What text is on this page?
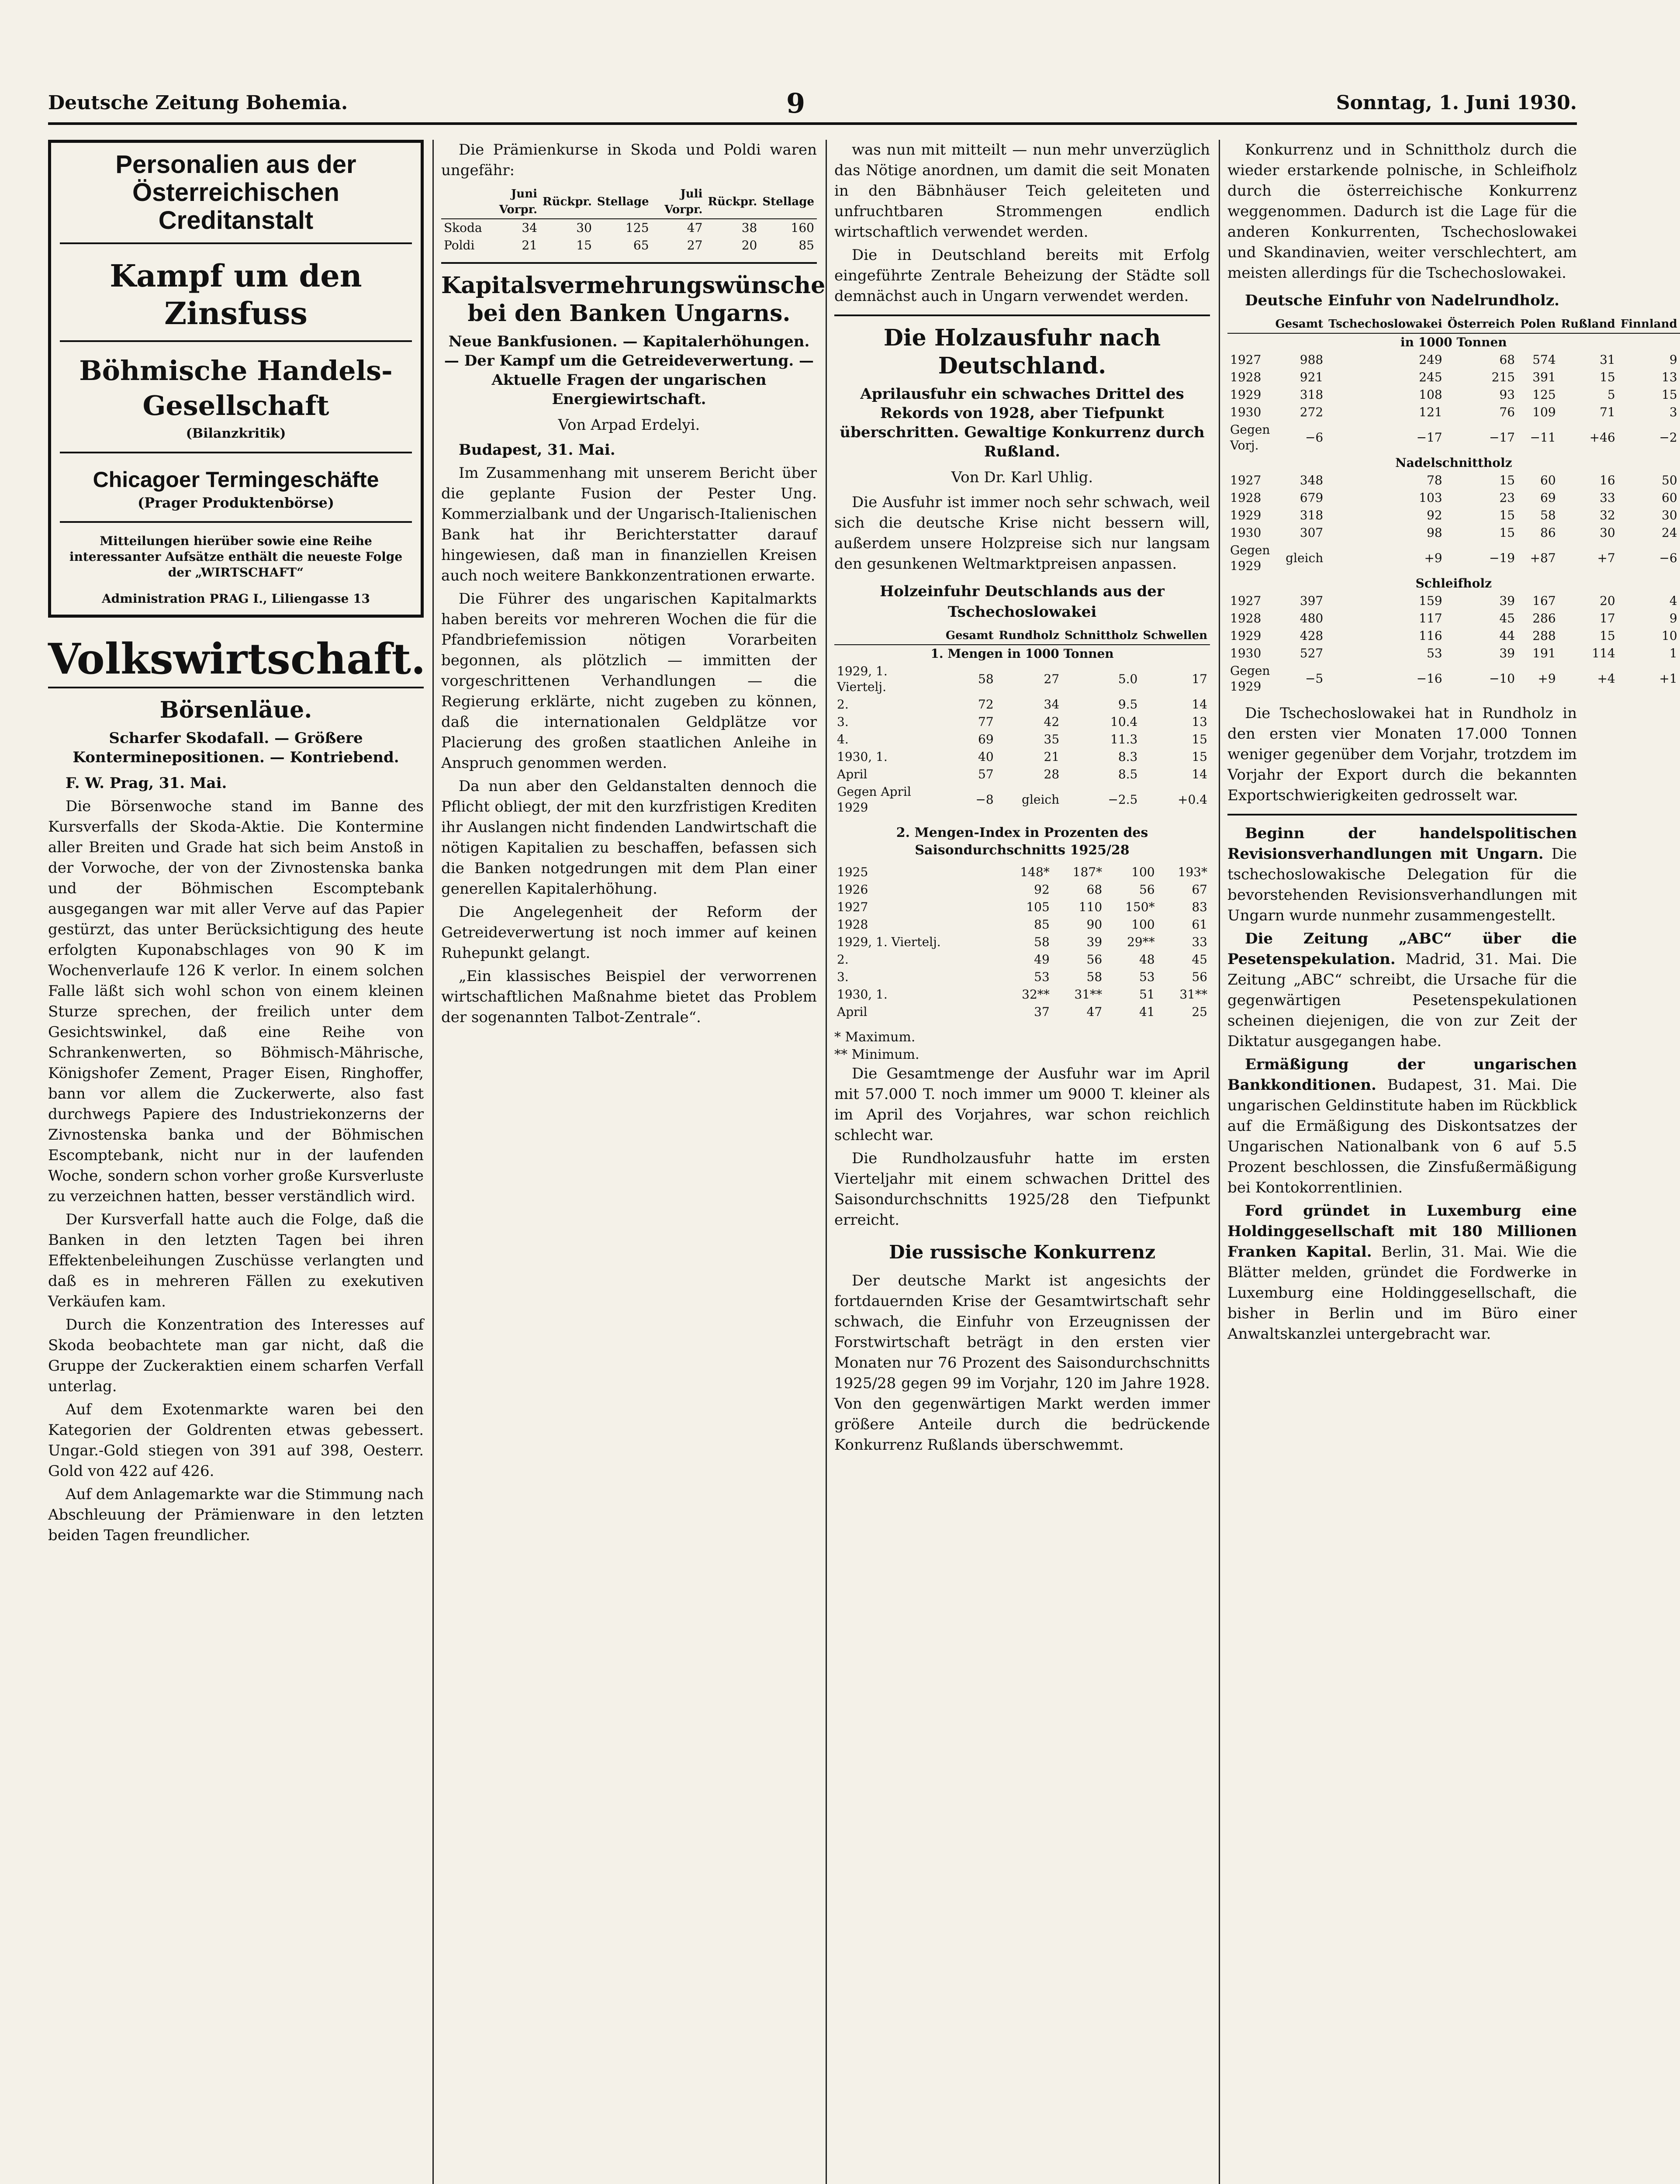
Deutsche Zeitung Bohemia.	9	Sonntag, 1. Juni 1930.
Personalien aus der Österreichischen Creditanstalt
Kampf um den Zinsfuss
Böhmische Handels-Gesellschaft
(Bilanzkritik)
Chicagoer Termingeschäfte
(Prager Produktenbörse)
Mitteilungen hierüber sowie eine Reihe interessanter Aufsätze enthält die neueste Folge der „WIRTSCHAFT“
Administration PRAG I., Liliengasse 13
Volkswirtschaft.
Börsenläue.
Scharfer Skodafall. — Größere Konterminepositionen. — Kontriebend.

F. W. Prag, 31. Mai.

Die Börsenwoche stand im Banne des Kursverfalls der Skoda-Aktie. Die Kontermine aller Breiten und Grade hat sich beim Anstoß in der Vorwoche, der von der Zivnostenska banka und der Böhmischen Escomptebank ausgegangen war mit aller Verve auf das Papier gestürzt, das unter Berücksichtigung des heute erfolgten Kuponabschlages von 90 K im Wochenverlaufe 126 K verlor. In einem solchen Falle läßt sich wohl schon von einem kleinen Sturze sprechen, der freilich unter dem Gesichtswinkel, daß eine Reihe von Schrankenwerten, so Böhmisch-Mährische, Königshofer Zement, Prager Eisen, Ringhoffer, bann vor allem die Zuckerwerte, also fast durchwegs Papiere des Industriekonzerns der Zivnostenska banka und der Böhmischen Escomptebank, nicht nur in der laufenden Woche, sondern schon vorher große Kursverluste zu verzeichnen hatten, besser verständlich wird.

Der Kursverfall hatte auch die Folge, daß die Banken in den letzten Tagen bei ihren Effektenbeleihungen Zuschüsse verlangten und daß es in mehreren Fällen zu exekutiven Verkäufen kam.

Durch die Konzentration des Interesses auf Skoda beobachtete man gar nicht, daß die Gruppe der Zuckeraktien einem scharfen Verfall unterlag.

Auf dem Exotenmarkte waren bei den Kategorien der Goldrenten etwas gebessert. Ungar.-Gold stiegen von 391 auf 398, Oesterr. Gold von 422 auf 426.

Auf dem Anlagemarkte war die Stimmung nach Abschleuung der Prämienware in den letzten beiden Tagen freundlicher.

Die Prämienkurse in Skoda und Poldi waren ungefähr:

	Juni Vorpr.	Rückpr.	Stellage	Juli Vorpr.	Rückpr.	Stellage
Skoda	34	30	125	47	38	160
Poldi	21	15	65	27	20	85
Kapitalsvermehrungswünsche bei den Banken Ungarns.
Neue Bankfusionen. — Kapitalerhöhungen. — Der Kampf um die Getreideverwertung. — Aktuelle Fragen der ungarischen Energiewirtschaft.
Von Arpad Erdelyi.

Budapest, 31. Mai.

Im Zusammenhang mit unserem Bericht über die geplante Fusion der Pester Ung. Kommerzialbank und der Ungarisch-Italienischen Bank hat ihr Berichterstatter darauf hingewiesen, daß man in finanziellen Kreisen auch noch weitere Bankkonzentrationen erwarte.

Die Führer des ungarischen Kapitalmarkts haben bereits vor mehreren Wochen die für die Pfandbriefemission nötigen Vorarbeiten begonnen, als plötzlich — immitten der vorgeschrittenen Verhandlungen — die Regierung erklärte, nicht zugeben zu können, daß die internationalen Geldplätze vor Placierung des großen staatlichen Anleihe in Anspruch genommen werden.

Da nun aber den Geldanstalten dennoch die Pflicht obliegt, der mit den kurzfristigen Krediten ihr Auslangen nicht findenden Landwirtschaft die nötigen Kapitalien zu beschaffen, befassen sich die Banken notgedrungen mit dem Plan einer generellen Kapitalerhöhung.

Die Angelegenheit der Reform der Getreideverwertung ist noch immer auf keinen Ruhepunkt gelangt.

„Ein klassisches Beispiel der verworrenen wirtschaftlichen Maßnahme bietet das Problem der sogenannten Talbot-Zentrale“.

was nun mit mitteilt — nun mehr unverzüglich das Nötige anordnen, um damit die seit Monaten in den Bäbnhäuser Teich geleiteten und unfruchtbaren Strommengen endlich wirtschaftlich verwendet werden.

Die in Deutschland bereits mit Erfolg eingeführte Zentrale Beheizung der Städte soll demnächst auch in Ungarn verwendet werden.

Die Holzausfuhr nach Deutschland.
Aprilausfuhr ein schwaches Drittel des Rekords von 1928, aber Tiefpunkt überschritten. Gewaltige Konkurrenz durch Rußland.
Von Dr. Karl Uhlig.

Die Ausfuhr ist immer noch sehr schwach, weil sich die deutsche Krise nicht bessern will, außerdem unsere Holzpreise sich nur langsam den gesunkenen Weltmarktpreisen anpassen.

Holzeinfuhr Deutschlands aus der Tschechoslowakei
	Gesamt	Rundholz	Schnittholz	Schwellen
1. Mengen in 1000 Tonnen				
1929, 1. Viertelj.	58	27	5.0	17
2.	72	34	9.5	14
3.	77	42	10.4	13
4.	69	35	11.3	15
1930, 1.	40	21	8.3	15
April	57	28	8.5	14
Gegen April 1929	−8	gleich	−2.5	+0.4
2. Mengen-Index in Prozenten des Saisondurchschnitts 1925/28
1925	148*	187*	100	193*
1926	92	68	56	67
1927	105	110	150*	83
1928	85	90	100	61
1929, 1. Viertelj.	58	39	29**	33
2.	49	56	48	45
3.	53	58	53	56
1930, 1.	32**	31**	51	31**
April	37	47	41	25
* Maximum.
** Minimum.

Die Gesamtmenge der Ausfuhr war im April mit 57.000 T. noch immer um 9000 T. kleiner als im April des Vorjahres, war schon reichlich schlecht war.

Die Rundholzausfuhr hatte im ersten Vierteljahr mit einem schwachen Drittel des Saisondurchschnitts 1925/28 den Tiefpunkt erreicht.

Die russische Konkurrenz

Der deutsche Markt ist angesichts der fortdauernden Krise der Gesamtwirtschaft sehr schwach, die Einfuhr von Erzeugnissen der Forstwirtschaft beträgt in den ersten vier Monaten nur 76 Prozent des Saisondurchschnitts 1925/28 gegen 99 im Vorjahr, 120 im Jahre 1928. Von den gegenwärtigen Markt werden immer größere Anteile durch die bedrückende Konkurrenz Rußlands überschwemmt.

Konkurrenz und in Schnittholz durch die wieder erstarkende polnische, in Schleifholz durch die österreichische Konkurrenz weggenommen. Dadurch ist die Lage für die anderen Konkurrenten, Tschechoslowakei und Skandinavien, weiter verschlechtert, am meisten allerdings für die Tschechoslowakei.

Deutsche Einfuhr von Nadelrundholz.
	Gesamt	Tschechoslowakei	Österreich	Polen	Rußland	Finnland
in 1000 Tonnen						
1927	988	249	68	574	31	9
1928	921	245	215	391	15	13
1929	318	108	93	125	5	15
1930	272	121	76	109	71	3
Gegen Vorj.	−6	−17	−17	−11	+46	−2
Nadelschnittholz						
1927	348	78	15	60	16	50
1928	679	103	23	69	33	60
1929	318	92	15	58	32	30
1930	307	98	15	86	30	24
Gegen 1929	gleich	+9	−19	+87	+7	−6
Schleifholz						
1927	397	159	39	167	20	4
1928	480	117	45	286	17	9
1929	428	116	44	288	15	10
1930	527	53	39	191	114	1
Gegen 1929	−5	−16	−10	+9	+4	+1

Die Tschechoslowakei hat in Rundholz in den ersten vier Monaten 17.000 Tonnen weniger gegenüber dem Vorjahr, trotzdem im Vorjahr der Export durch die bekannten Exportschwierigkeiten gedrosselt war.

Beginn der handelspolitischen Revisionsverhandlungen mit Ungarn. Die tschechoslowakische Delegation für die bevorstehenden Revisionsverhandlungen mit Ungarn wurde nunmehr zusammengestellt.

Die Zeitung „ABC“ über die Pesetenspekulation. Madrid, 31. Mai. Die Zeitung „ABC“ schreibt, die Ursache für die gegenwärtigen Pesetenspekulationen scheinen diejenigen, die von zur Zeit der Diktatur ausgegangen habe.

Ermäßigung der ungarischen Bankkonditionen. Budapest, 31. Mai. Die ungarischen Geldinstitute haben im Rückblick auf die Ermäßigung des Diskontsatzes der Ungarischen Nationalbank von 6 auf 5.5 Prozent beschlossen, die Zinsfußermäßigung bei Kontokorrentlinien.

Ford gründet in Luxemburg eine Holdinggesellschaft mit 180 Millionen Franken Kapital. Berlin, 31. Mai. Wie die Blätter melden, gründet die Fordwerke in Luxemburg eine Holdinggesellschaft, die bisher in Berlin und im Büro einer Anwaltskanzlei untergebracht war.
